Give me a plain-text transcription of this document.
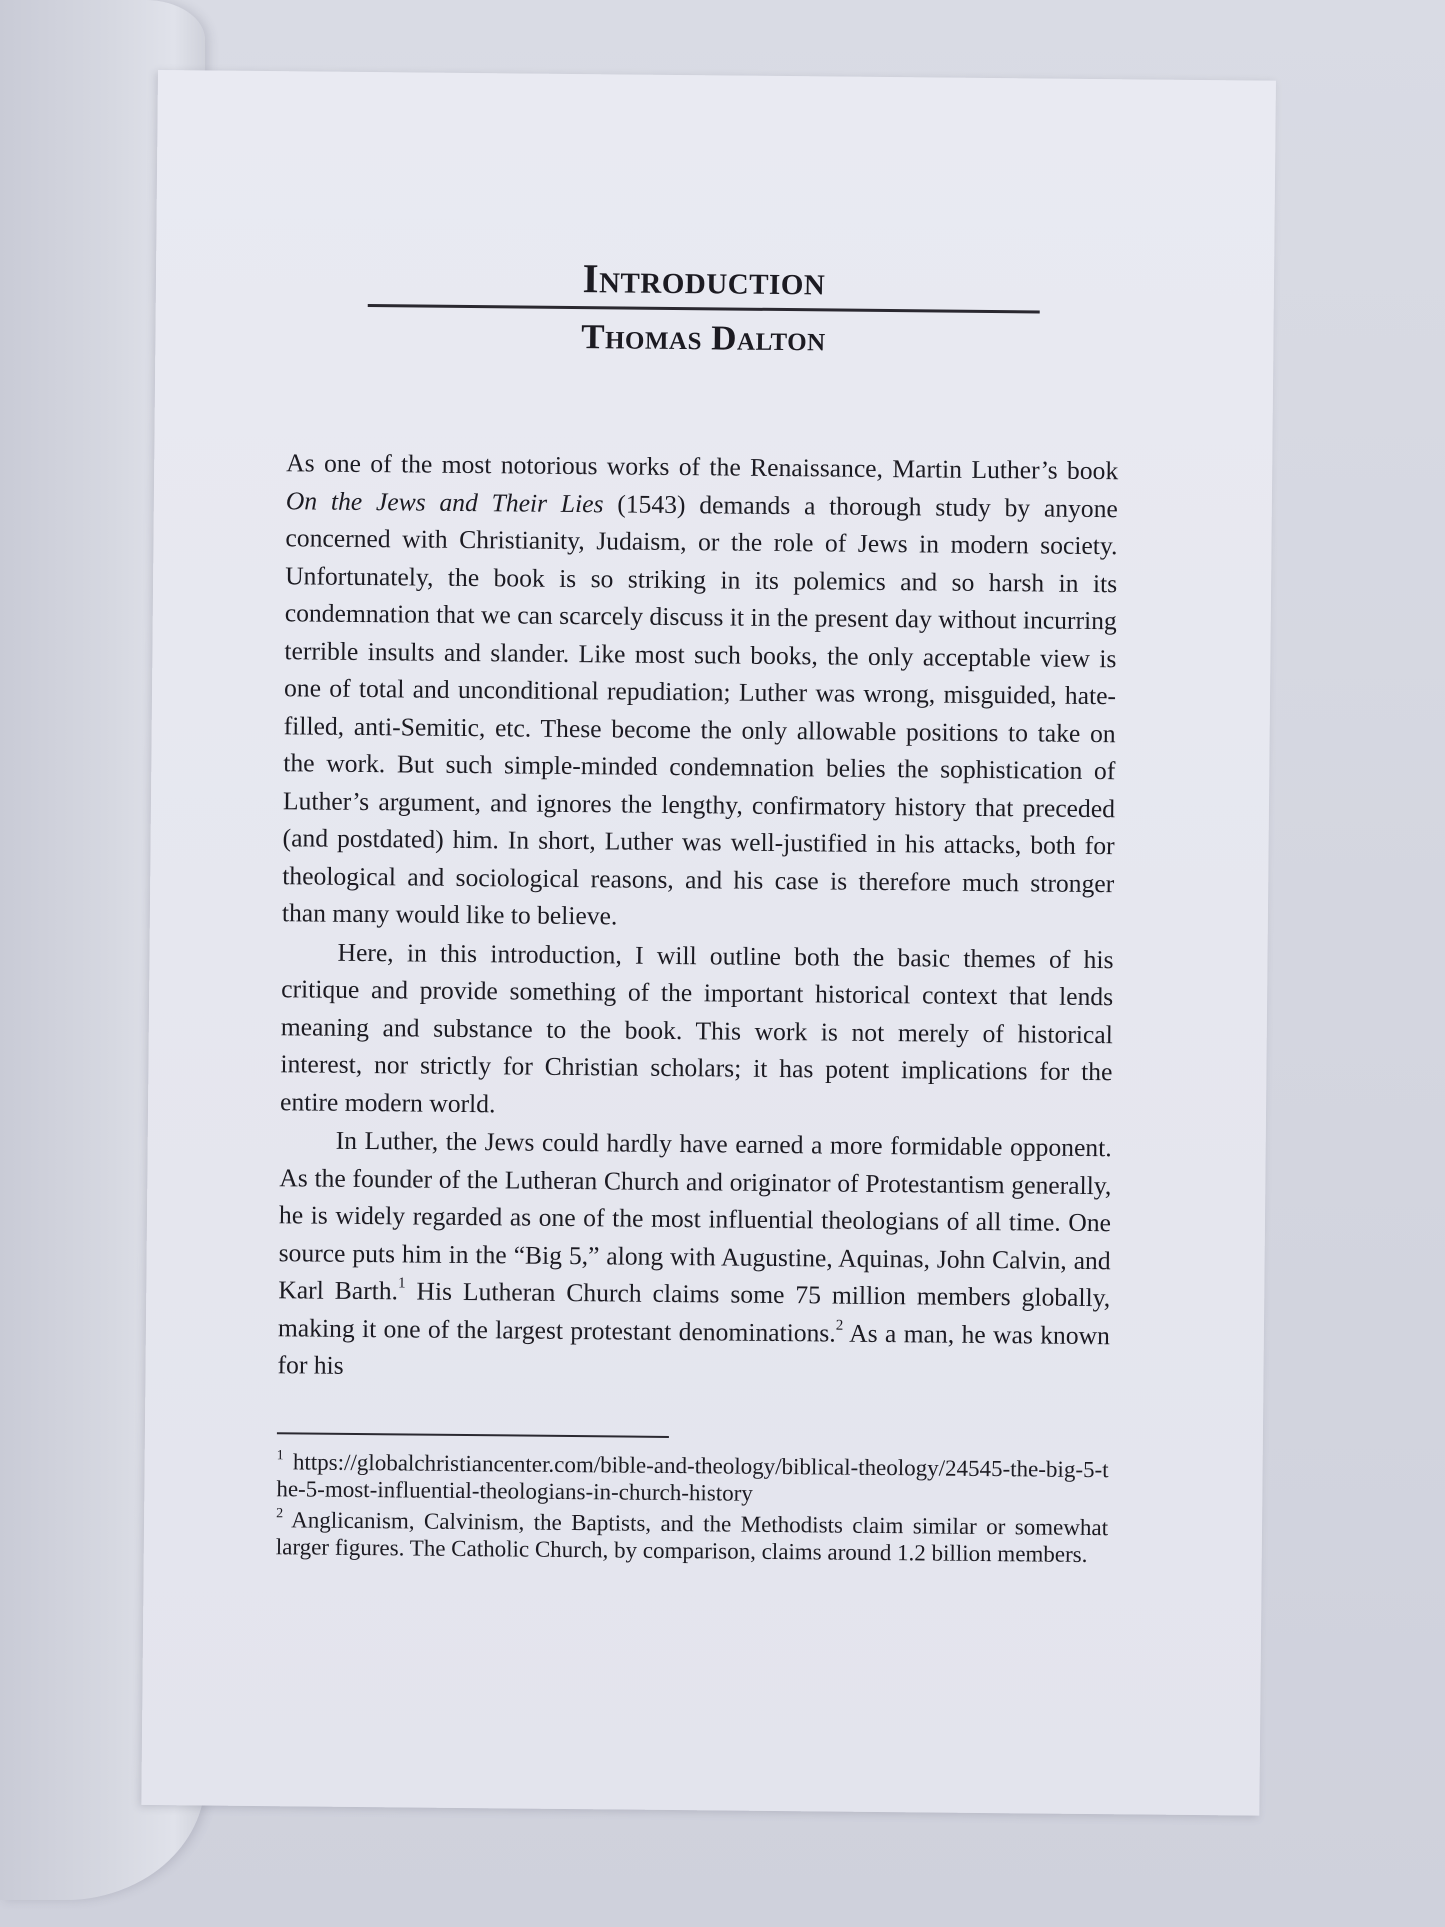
Introduction
Thomas Dalton

As one of the most notorious works of the Renaissance, Martin Luther’s book On the Jews and Their Lies (1543) demands a thorough study by anyone concerned with Christianity, Judaism, or the role of Jews in modern society. Unfortunately, the book is so striking in its polemics and so harsh in its condemnation that we can scarcely discuss it in the present day without incurring terrible insults and slander. Like most such books, the only acceptable view is one of total and unconditional repudiation; Luther was wrong, misguided, hate-filled, anti-Semitic, etc. These become the only allowable positions to take on the work. But such simple-minded condemnation belies the sophistication of Luther’s argument, and ignores the lengthy, confirmatory history that preceded (and postdated) him. In short, Luther was well-justified in his attacks, both for theological and sociological reasons, and his case is therefore much stronger than many would like to believe.

Here, in this introduction, I will outline both the basic themes of his critique and provide something of the important historical context that lends meaning and substance to the book. This work is not merely of historical interest, nor strictly for Christian scholars; it has potent implications for the entire modern world.

In Luther, the Jews could hardly have earned a more formidable opponent. As the founder of the Lutheran Church and originator of Protestantism generally, he is widely regarded as one of the most influential theologians of all time. One source puts him in the “Big 5,” along with Augustine, Aquinas, John Calvin, and Karl Barth.$^1$ His Lutheran Church claims some 75 million members globally, making it one of the largest protestant denominations.$^2$ As a man, he was known for his

$^1$ https://globalchristiancenter.com/bible-and-theology/biblical-theology/24545-the-big-5-the-5-most-influential-theologians-in-church-history

$^2$ Anglicanism, Calvinism, the Baptists, and the Methodists claim similar or somewhat larger figures. The Catholic Church, by comparison, claims around 1.2 billion members.
